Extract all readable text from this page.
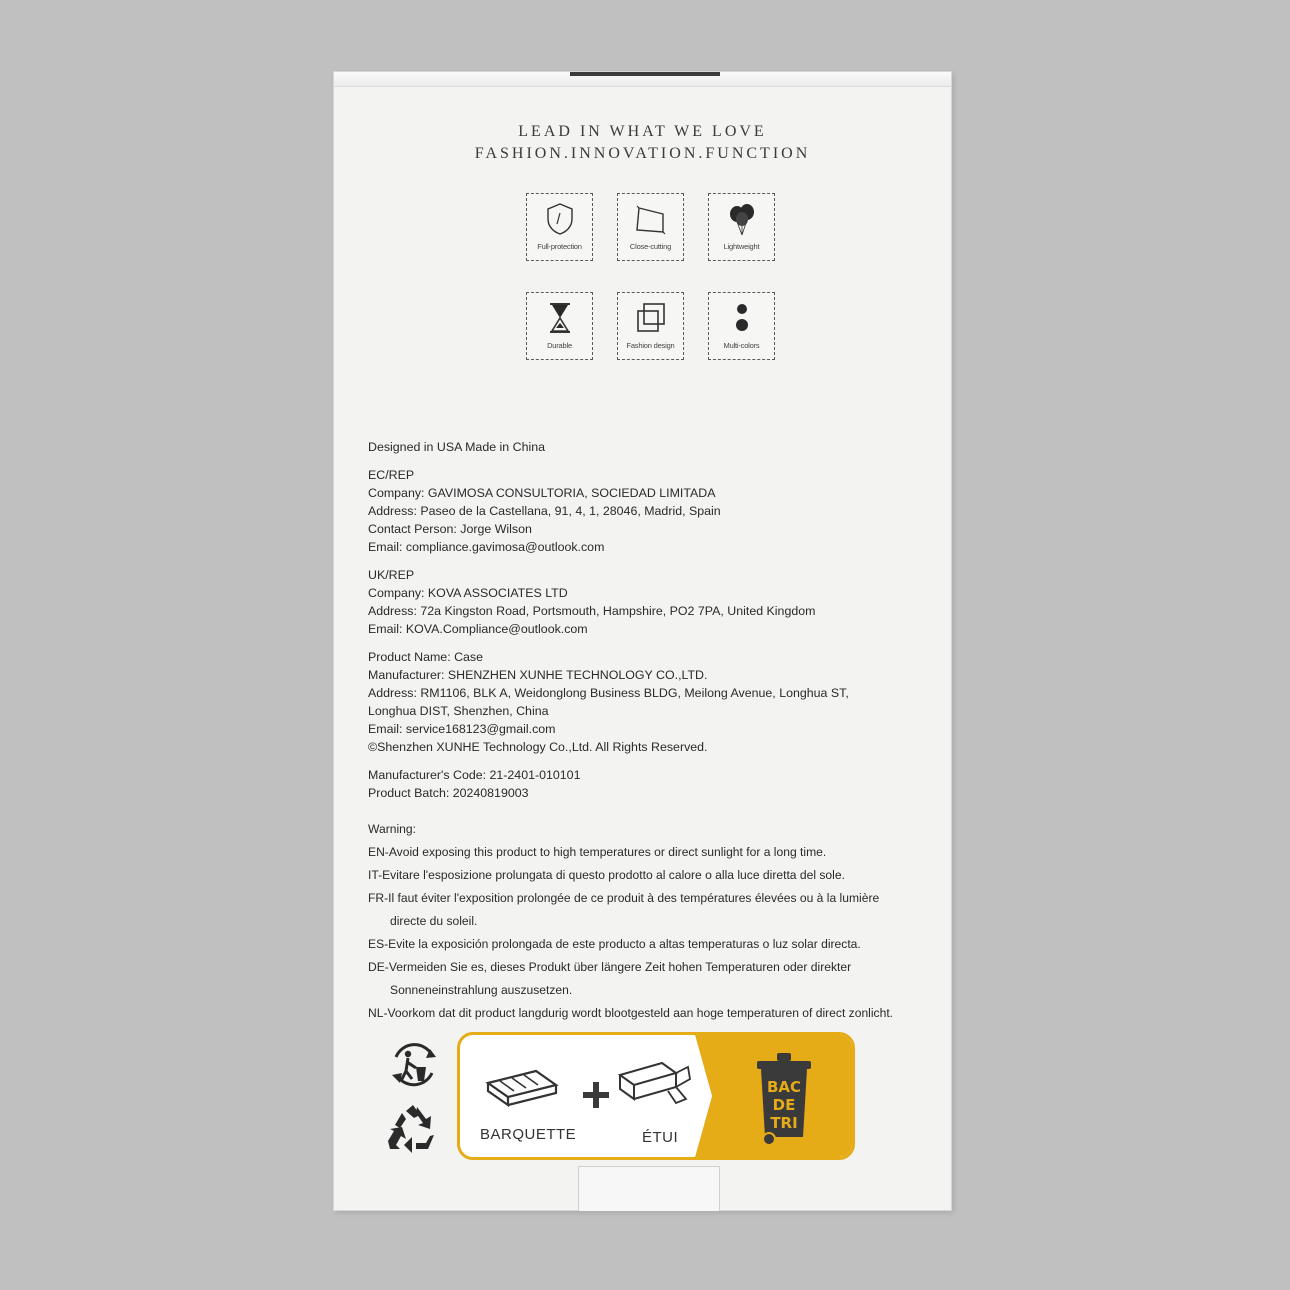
LEAD IN WHAT WE LOVE
FASHION.INNOVATION.FUNCTION
Full-protection	Close-cutting	Lightweight
Durable	Fashion design	Multi-colors
Designed in USA Made in China
EC/REP
Company: GAVIMOSA CONSULTORIA, SOCIEDAD LIMITADA
Address: Paseo de la Castellana, 91, 4, 1, 28046, Madrid, Spain
Contact Person: Jorge Wilson
Email: compliance.gavimosa@outlook.com
UK/REP
Company: KOVA ASSOCIATES LTD
Address: 72a Kingston Road, Portsmouth, Hampshire, PO2 7PA, United Kingdom
Email: KOVA.Compliance@outlook.com
Product Name: Case
Manufacturer: SHENZHEN XUNHE TECHNOLOGY CO.,LTD.
Address: RM1106, BLK A, Weidonglong Business BLDG, Meilong Avenue, Longhua ST,
Longhua DIST, Shenzhen, China
Email: service168123@gmail.com
©Shenzhen XUNHE Technology Co.,Ltd. All Rights Reserved.
Manufacturer's Code: 21-2401-010101
Product Batch: 20240819003
Warning:
EN-Avoid exposing this product to high temperatures or direct sunlight for a long time.
IT-Evitare l'esposizione prolungata di questo prodotto al calore o alla luce diretta del sole.
FR-Il faut éviter l'exposition prolongée de ce produit à des températures élevées ou à la lumière
directe du soleil.
ES-Evite la exposición prolongada de este producto a altas temperaturas o luz solar directa.
DE-Vermeiden Sie es, dieses Produkt über längere Zeit hohen Temperaturen oder direkter
Sonneneinstrahlung auszusetzen.
NL-Voorkom dat dit product langdurig wordt blootgesteld aan hoge temperaturen of direct zonlicht.
BARQUETTE	ÉTUI
BAC
DE
TRI
